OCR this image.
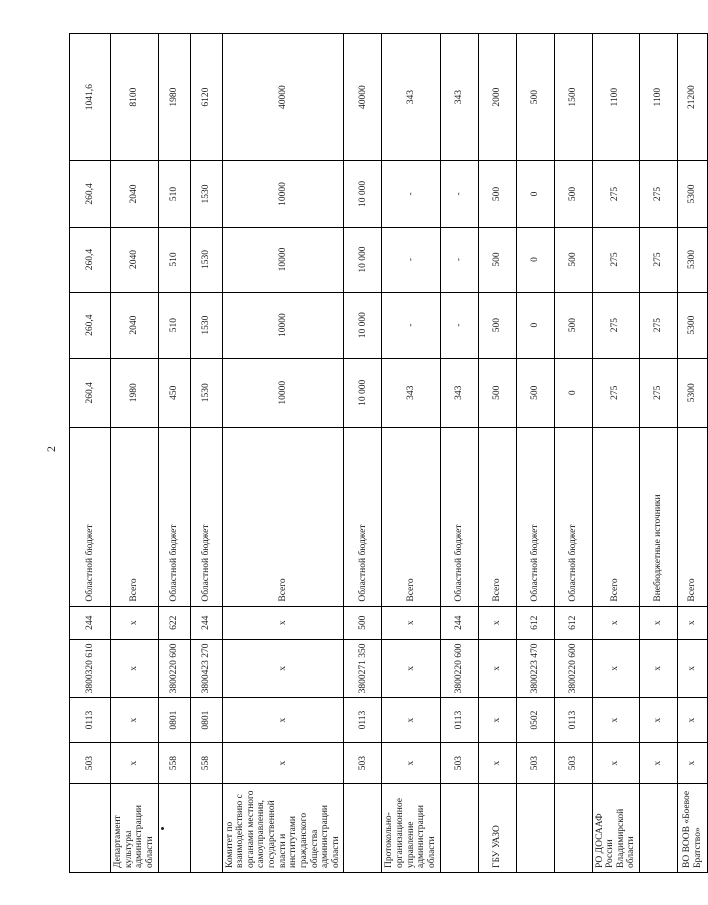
2
	503	0113	3800320 610	244	Областной бюджет	260,4	260,4	260,4	260,4	1041,6
Департамент культуры администрации области	х	х	х	х	Всего	1980	2040	2040	2040	8100
	558	0801	3800220 600	622	Областной бюджет	450	510	510	510	1980
	558	0801	3800423 270	244	Областной бюджет	1530	1530	1530	1530	6120
Комитет по взаимодействию с органами местного самоуправления, государственной власти и институтами гражданского общества администрации области	х	х	х	х	Всего	10000	10000	10000	10000	40000
	503	0113	3800271 350	500	Областной бюджет	10 000	10 000	10 000	10 000	40000
Протокольно-организационное управление администрации области	х	х	х	х	Всего	343	-	-	-	343
	503	0113	3800220 600	244	Областной бюджет	343	-	-	-	343
ГБУ УАЗО	х	х	х	х	Всего	500	500	500	500	2000
	503	0502	3800223 470	612	Областной бюджет	500	0	0	0	500
	503	0113	3800220 600	612	Областной бюджет	0	500	500	500	1500
РО ДОСААФ России Владимирской области	х	х	х	х	Всего	275	275	275	275	1100
	х	х	х	х	Внебюджетные источники	275	275	275	275	1100
ВО ВООВ «Боевое Братство»	х	х	х	х	Всего	5300	5300	5300	5300	21200
